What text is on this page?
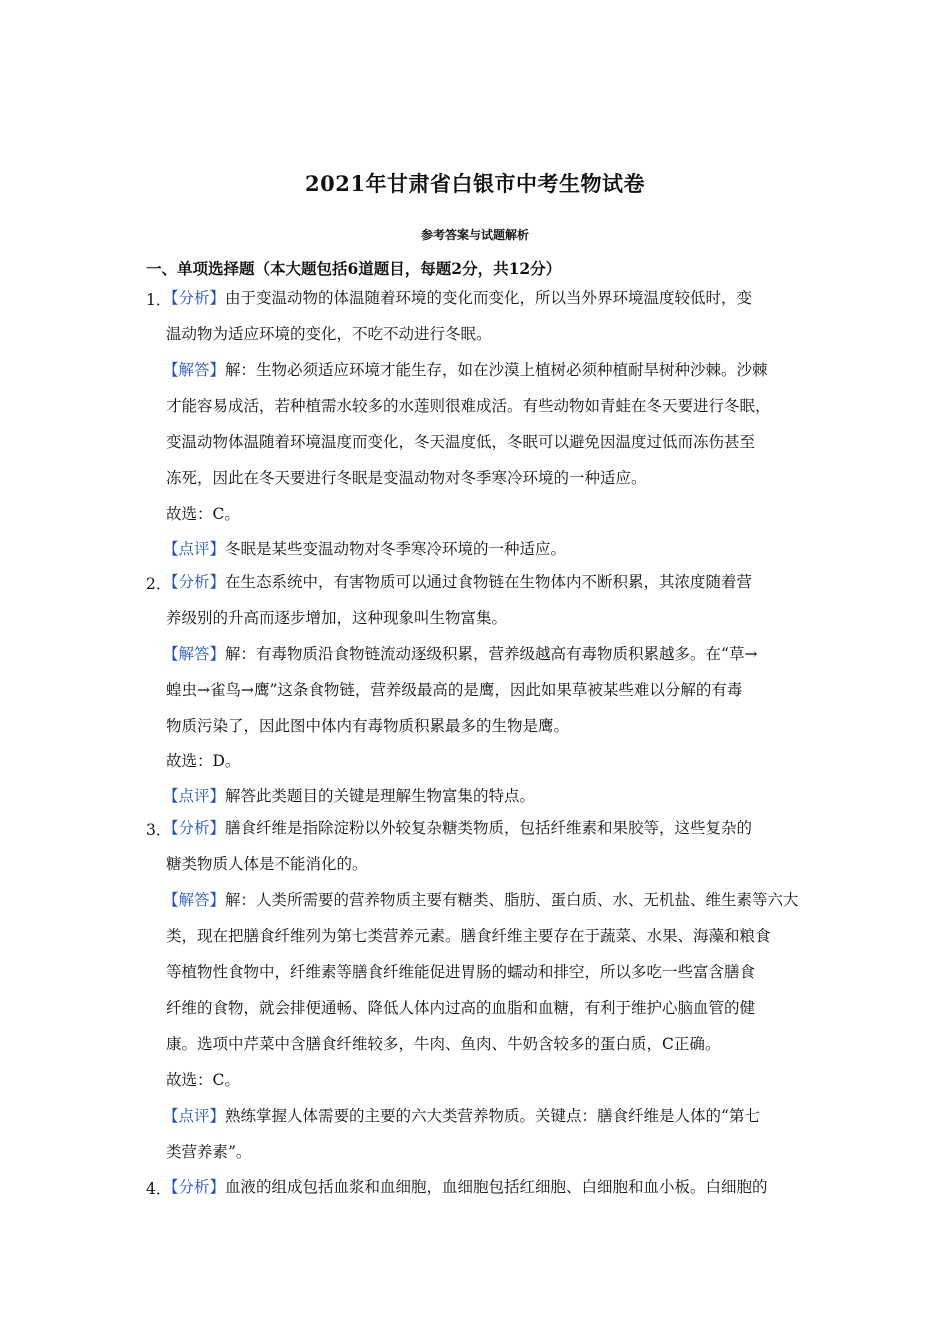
2021年甘肃省白银市中考生物试卷
参考答案与试题解析
一、单项选择题（本大题包括6道题目，每题2分，共12分）
1．
【分析】由于变温动物的体温随着环境的变化而变化，所以当外界环境温度较低时，变
温动物为适应环境的变化，不吃不动进行冬眠。
【解答】解：生物必须适应环境才能生存，如在沙漠上植树必须种植耐旱树种沙棘。沙棘
才能容易成活，若种植需水较多的水莲则很难成活。有些动物如青蛙在冬天要进行冬眠，
变温动物体温随着环境温度而变化，冬天温度低，冬眠可以避免因温度过低而冻伤甚至
冻死，因此在冬天要进行冬眠是变温动物对冬季寒冷环境的一种适应。
故选：C。
【点评】冬眠是某些变温动物对冬季寒冷环境的一种适应。
2．
【分析】在生态系统中，有害物质可以通过食物链在生物体内不断积累，其浓度随着营
养级别的升高而逐步增加，这种现象叫生物富集。
【解答】解：有毒物质沿食物链流动逐级积累，营养级越高有毒物质积累越多。在“草→
蝗虫→雀鸟→鹰”这条食物链，营养级最高的是鹰，因此如果草被某些难以分解的有毒
物质污染了，因此图中体内有毒物质积累最多的生物是鹰。
故选：D。
【点评】解答此类题目的关键是理解生物富集的特点。
3．
【分析】膳食纤维是指除淀粉以外较复杂糖类物质，包括纤维素和果胶等，这些复杂的
糖类物质人体是不能消化的。
【解答】解：人类所需要的营养物质主要有糖类、脂肪、蛋白质、水、无机盐、维生素等六大
类，现在把膳食纤维列为第七类营养元素。膳食纤维主要存在于蔬菜、水果、海藻和粮食
等植物性食物中，纤维素等膳食纤维能促进胃肠的蠕动和排空，所以多吃一些富含膳食
纤维的食物，就会排便通畅、降低人体内过高的血脂和血糖，有利于维护心脑血管的健
康。选项中芹菜中含膳食纤维较多，牛肉、鱼肉、牛奶含较多的蛋白质，C正确。
故选：C。
【点评】熟练掌握人体需要的主要的六大类营养物质。关键点：膳食纤维是人体的“第七
类营养素”。
4．
【分析】血液的组成包括血浆和血细胞，血细胞包括红细胞、白细胞和血小板。白细胞的
